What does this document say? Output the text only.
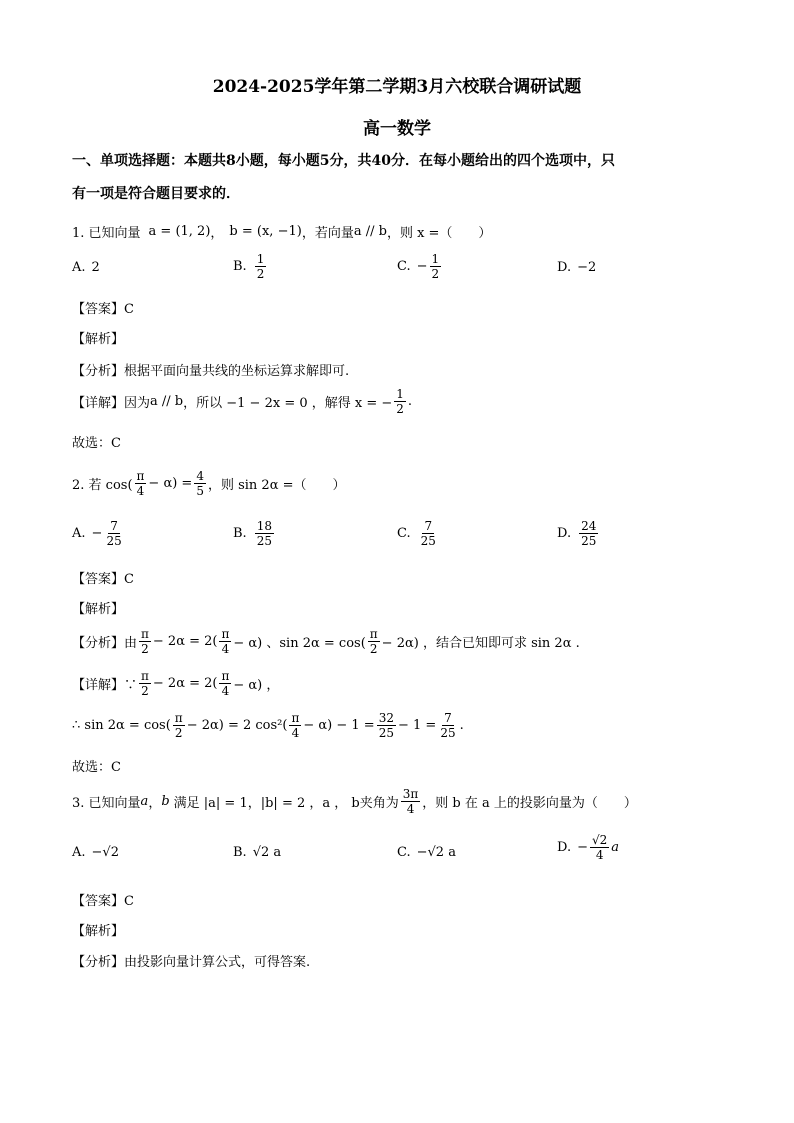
2024-2025学年第二学期3月六校联合调研试题
高一数学
一、单项选择题：本题共8小题，每小题5分，共40分．在每小题给出的四个选项中，只
有一项是符合题目要求的．
1. 已知向量 a = (1, 2) ， b = (x, −1) ，若向量 a // b ，则 x =（　　）
A. 2	B. $\frac{1}{2}$	C. − $\frac{1}{2}$	D. −2
【答案】C
【解析】
【分析】根据平面向量共线的坐标运算求解即可.
【详解】因为 a // b ，所以 −1 − 2x = 0 ，解得 x = − $\frac{1}{2}$ .
故选：C
2. 若 $\cos( \frac{\pi}{4} - \alpha) = \frac{4}{5}$ ，则 sin 2α =（　　）
A. − $\frac{7}{25}$	B. $\frac{18}{25}$	C. $\frac{7}{25}$	D. $\frac{24}{25}$
【答案】C
【解析】
【分析】由 $\frac{\pi}{2} - 2\alpha = 2( \frac{\pi}{4} - \alpha)$ 、$\sin 2\alpha = \cos( \frac{\pi}{2} - 2\alpha)$ ，结合已知即可求 sin 2α .
【详解】∵ $\frac{\pi}{2} - 2\alpha = 2( \frac{\pi}{4} - \alpha)$ ，
∴ $\sin 2\alpha = \cos( \frac{\pi}{2} - 2\alpha) = 2$ $\cos^2( \frac{\pi}{4} - \alpha) - 1 = \frac{32}{25} - 1 = \frac{7}{25}$ .
故选：C
3. 已知向量 a ， b 满足 |a| = 1， |b| = 2 ， a ， b 夹角为 $\frac{3\pi}{4}$ ，则 b 在 a 上的投影向量为（　　）
A. −√2	B. √2 a	C. −√2 a	D. − $\frac{√2}{4}$ a
【答案】C
【解析】
【分析】由投影向量计算公式，可得答案.
